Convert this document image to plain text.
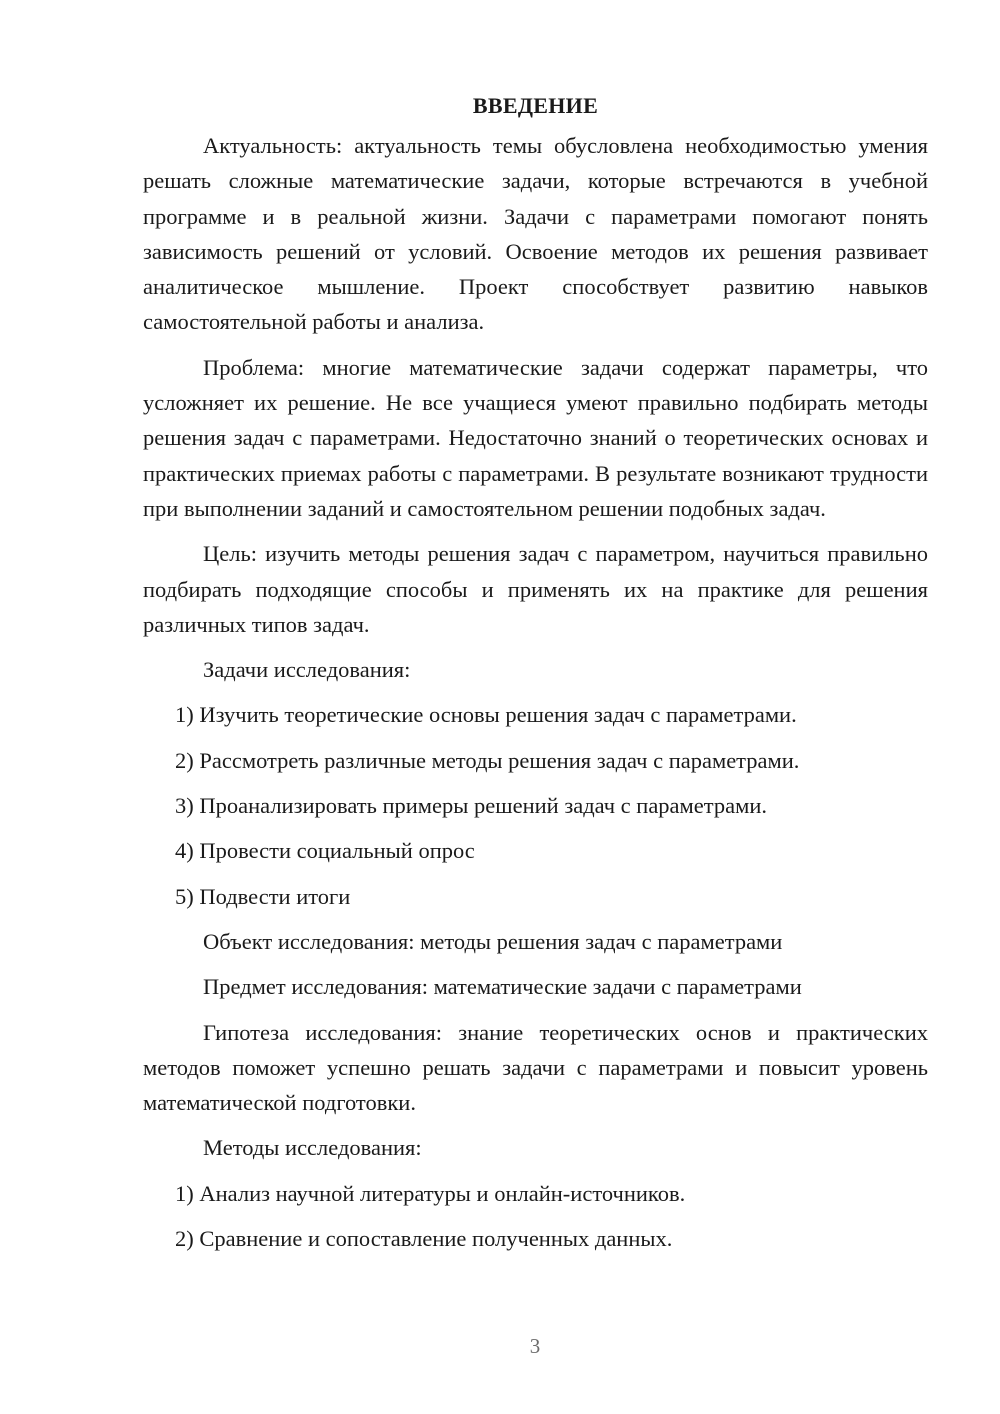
ВВЕДЕНИЕ

Актуальность: актуальность темы обусловлена необходимостью умения решать сложные математические задачи, которые встречаются в учебной программе и в реальной жизни. Задачи с параметрами помогают понять зависимость решений от условий. Освоение методов их решения развивает аналитическое мышление. Проект способствует развитию навыков самостоятельной работы и анализа.

Проблема: многие математические задачи содержат параметры, что усложняет их решение. Не все учащиеся умеют правильно подбирать методы решения задач с параметрами. Недостаточно знаний о теоретических основах и практических приемах работы с параметрами. В результате возникают трудности при выполнении заданий и самостоятельном решении подобных задач.

Цель: изучить методы решения задач с параметром, научиться правильно подбирать подходящие способы и применять их на практике для решения различных типов задач.

Задачи исследования:
1) Изучить теоретические основы решения задач с параметрами.
2) Рассмотреть различные методы решения задач с параметрами.
3) Проанализировать примеры решений задач с параметрами.
4) Провести социальный опрос
5) Подвести итоги
Объект исследования: методы решения задач с параметрами
Предмет исследования: математические задачи с параметрами

Гипотеза исследования: знание теоретических основ и практических методов поможет успешно решать задачи с параметрами и повысит уровень математической подготовки.

Методы исследования:
1) Анализ научной литературы и онлайн-источников.
2) Сравнение и сопоставление полученных данных.
3
